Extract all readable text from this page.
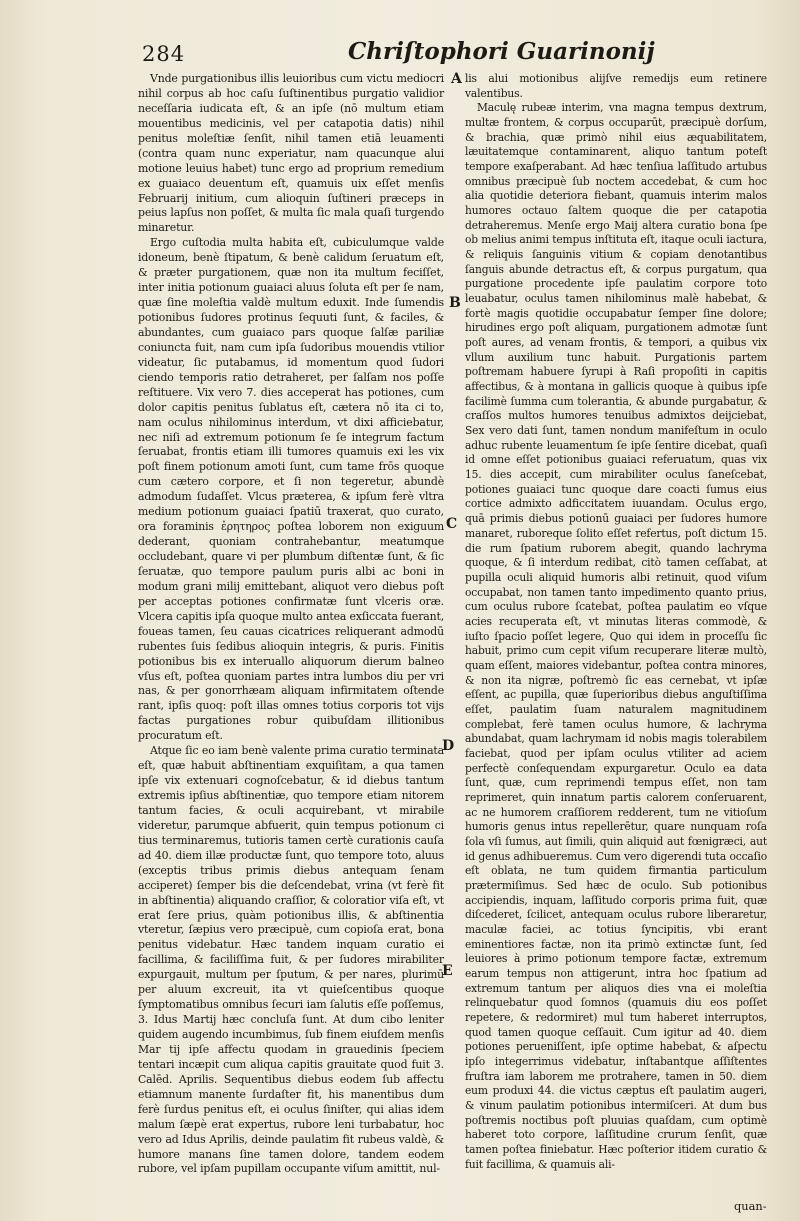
284	Chriſtophori Guarinonij

Vnde purgationibus illis leuioribus cum victu mediocri nihil corpus ab hoc caſu ſuſtinentibus purgatio validior neceſſaria iudicata eſt, & an ipſe (nō multum etiam mouentibus medicinis, vel per catapotia datis) nihil penitus moleſtiæ ſenſit, nihil tamen etiā leuamenti (contra quam nunc experiatur, nam quacunque alui motione leuius habet) tunc ergo ad proprium remedium ex guaiaco deuentum eſt, quamuis uix eſſet menſis Februarij initium, cum alioquin ſuſtineri præceps in peius lapſus non poſſet, & multa ſic mala quaſi turgendo minaretur.

Ergo cuſtodia multa habita eſt, cubiculumque valde idoneum, benè ſtipatum, & benè calidum ſeruatum eſt, & præter purgationem, quæ non ita multum feciſſet, inter initia potionum guaiaci aluus ſoluta eſt per ſe nam, quæ ſine moleſtia valdè multum eduxit. Inde ſumendis potionibus ſudores protinus ſequuti ſunt, & faciles, & abundantes, cum guaiaco pars quoque ſalſæ pariliæ coniuncta fuit, nam cum ipſa ſudoribus mouendis vtilior videatur, ſic putabamus, id momentum quod ſudori ciendo temporis ratio detraheret, per ſalſam nos poſſe reſtituere. Vix vero 7. dies acceperat has potiones, cum dolor capitis penitus ſublatus eſt, cætera nō ita ci to, nam oculus nihilominus interdum, vt dixi afficiebatur, nec niſi ad extremum potionum ſe ſe integrum factum ſeruabat, frontis etiam illi tumores quamuis exi les vix poſt finem potionum amoti ſunt, cum tame frōs quoque cum cætero corpore, et ſi non tegeretur, abundè admodum ſudaſſet. Vlcus præterea, & ipſum ferè vltra medium potionum guaiaci ſpatiū traxerat, quo curato, ora foraminis ἐρητηρος poſtea loborem non exiguum dederant, quoniam contrahebantur, meatumque occludebant, quare vi per plumbum diſtentæ ſunt, & ſic ſeruatæ, quo tempore paulum puris albi ac boni in modum grani milij emittebant, aliquot vero diebus poſt per acceptas potiones confirmatæ ſunt vlceris oræ. Vlcera capitis ipſa quoque multo antea exſiccata fuerant, foueas tamen, ſeu cauas cicatrices reliquerant admodū rubentes ſuis ſedibus alioquin integris, & puris. Finitis potionibus bis ex interuallo aliquorum dierum balneo vſus eſt, poſtea quoniam partes intra lumbos diu per vri nas, & per gonorrhæam aliquam infirmitatem oſtende rant, ipſis quoq: poſt illas omnes totius corporis tot vijs factas purgationes robur quibuſdam illitionibus procuratum eſt.

Atque ſic eo iam benè valente prima curatio terminata eſt, quæ habuit abſtinentiam exquiſitam, a qua tamen ipſe vix extenuari cognoſcebatur, & id diebus tantum extremis ipſius abſtinentiæ, quo tempore etiam nitorem tantum facies, & oculi acquirebant, vt mirabile videretur, parumque abfuerit, quin tempus potionum ci tius terminaremus, tutioris tamen certè curationis cauſa ad 40. diem illæ productæ ſunt, quo tempore toto, aluus (exceptis tribus primis diebus antequam ſenam acciperet) ſemper bis die deſcendebat, vrina (vt ferè fit in abſtinentia) aliquando craſſior, & coloratior viſa eſt, vt erat ſere prius, quàm potionibus illis, & abſtinentia vteretur, ſæpius vero præcipuè, cum copioſa erat, bona penitus videbatur. Hæc tandem inquam curatio ei facillima, & faciliſſima fuit, & per ſudores mirabiliter expurgauit, multum per ſputum, & per nares, plurimū per aluum excreuit, ita vt quieſcentibus quoque ſymptomatibus omnibus ſecuri iam ſalutis eſſe poſſemus, 3. Idus Martij hæc concluſa ſunt. At dum cibo leniter quidem augendo incumbimus, ſub finem eiuſdem menſis Mar tij ipſe affectu quodam in grauedinis ſpeciem tentari incæpit cum aliqua capitis grauitate quod fuit 3. Calēd. Aprilis. Sequentibus diebus eodem ſub affectu etiamnum manente ſurdaſter fit, his manentibus dum ferè ſurdus penitus eſt, ei oculus ſiniſter, qui alias idem malum ſæpè erat expertus, rubore leni turbabatur, hoc vero ad Idus Aprilis, deinde paulatim fit rubeus valdè, & humore manans ſine tamen dolore, tandem eodem rubore, vel ipſam pupillam occupante viſum amittit, nul-

A
B
C
D
E

lis alui motionibus alijſve remedijs eum retinere valentibus.

Maculę rubeæ interim, vna magna tempus dextrum, multæ frontem, & corpus occuparūt, præcipuè dorſum, & brachia, quæ primò nihil eius æquabilitatem, læuitatemque contaminarent, aliquo tantum poteſt tempore exaſperabant. Ad hæc tenſiua laſſitudo artubus omnibus præcipuè ſub noctem accedebat, & cum hoc alia quotidie deteriora fiebant, quamuis interim malos humores octauo ſaltem quoque die per catapotia detraheremus. Menſe ergo Maij altera curatio bona ſpe ob melius animi tempus inſtituta eſt, itaque oculi iactura, & reliquis ſanguinis vitium & copiam denotantibus ſanguis abunde detractus eſt, & corpus purgatum, qua purgatione procedente ipſe paulatim corpore toto leuabatur, oculus tamen nihilominus malè habebat, & fortè magis quotidie occupabatur ſemper ſine dolore; hirudines ergo poſt aliquam, purgationem admotæ ſunt poſt aures, ad venam frontis, & tempori, a quibus vix vllum auxilium tunc habuit. Purgationis partem poſtremam habuere ſyrupi à Raſi propoſiti in capitis affectibus, & à montana in gallicis quoque à quibus ipſe facilimè ſumma cum tolerantia, & abunde purgabatur, & craſſos multos humores tenuibus admixtos deijciebat, Sex vero dati ſunt, tamen nondum manifeſtum in oculo adhuc rubente leuamentum ſe ipſe ſentire dicebat, quaſi id omne eſſet potionibus guaiaci referuatum, quas vix 15. dies accepit, cum mirabiliter oculus ſaneſcebat, potiones guaiaci tunc quoque dare coacti ſumus eius cortice admixto adficcitatem iuuandam. Oculus ergo, quā primis diebus potionū guaiaci per ſudores humore manaret, ruboreque ſolito eſſet refertus, poſt dictum 15. die rum ſpatium ruborem abegit, quando lachryma quoque, & ſi interdum redibat, citò tamen ceſſabat, at pupilla oculi aliquid humoris albi retinuit, quod viſum occupabat, non tamen tanto impedimento quanto prius, cum oculus rubore ſcatebat, poſtea paulatim eo vſque acies recuperata eſt, vt minutas literas commodè, & iuſto ſpacio poſſet legere, Quo qui idem in proceſſu ſic habuit, primo cum cepit viſum recuperare literæ multò, quam eſſent, maiores videbantur, poſtea contra minores, & non ita nigræ, poſtremò ſic eas cernebat, vt ipſæ eſſent, ac pupilla, quæ ſuperioribus diebus anguſtiſſima eſſet, paulatim ſuam naturalem magnitudinem complebat, ferè tamen oculus humore, & lachryma abundabat, quam lachrymam id nobis magis tolerabilem faciebat, quod per ipſam oculus vtiliter ad aciem perfectè conſequendam expurgaretur. Oculo ea data ſunt, quæ, cum reprimendi tempus eſſet, non tam reprimeret, quin innatum partis calorem conſeruarent, ac ne humorem craſſiorem redderent, tum ne vitioſum humoris genus intus repellerētur, quare nunquam roſa ſola vſi ſumus, aut ſimili, quin aliquid aut fœnigræci, aut id genus adhibueremus. Cum vero digerendi tuta occaſio eſt oblata, ne tum quidem firmantia particulum prætermiſimus. Sed hæc de oculo. Sub potionibus accipiendis, inquam, laſſitudo corporis prima fuit, quæ diſcederet, ſcilicet, antequam oculus rubore liberaretur, maculæ faciei, ac totius ſyncipitis, vbi erant eminentiores factæ, non ita primò extinctæ ſunt, ſed leuiores à primo potionum tempore factæ, extremum earum tempus non attigerunt, intra hoc ſpatium ad extremum tantum per aliquos dies vna ei moleſtia relinquebatur quod ſomnos (quamuis diu eos poſſet repetere, & redormiret) mul tum haberet interruptos, quod tamen quoque ceſſauit. Cum igitur ad 40. diem potiones perueniſſent, ipſe optime habebat, & aſpectu ipſo integerrimus videbatur, inſtabantque aſſiſtentes fruſtra iam laborem me protrahere, tamen in 50. diem eum produxi 44. die victus cæptus eſt paulatim augeri, & vinum paulatim potionibus intermiſceri. At dum bus poſtremis noctibus poſt pluuias quaſdam, cum optimè haberet toto corpore, laſſitudine crurum ſenſit, quæ tamen poſtea finiebatur. Hæc poſterior itidem curatio & fuit facillima, & quamuis ali-

quan-
